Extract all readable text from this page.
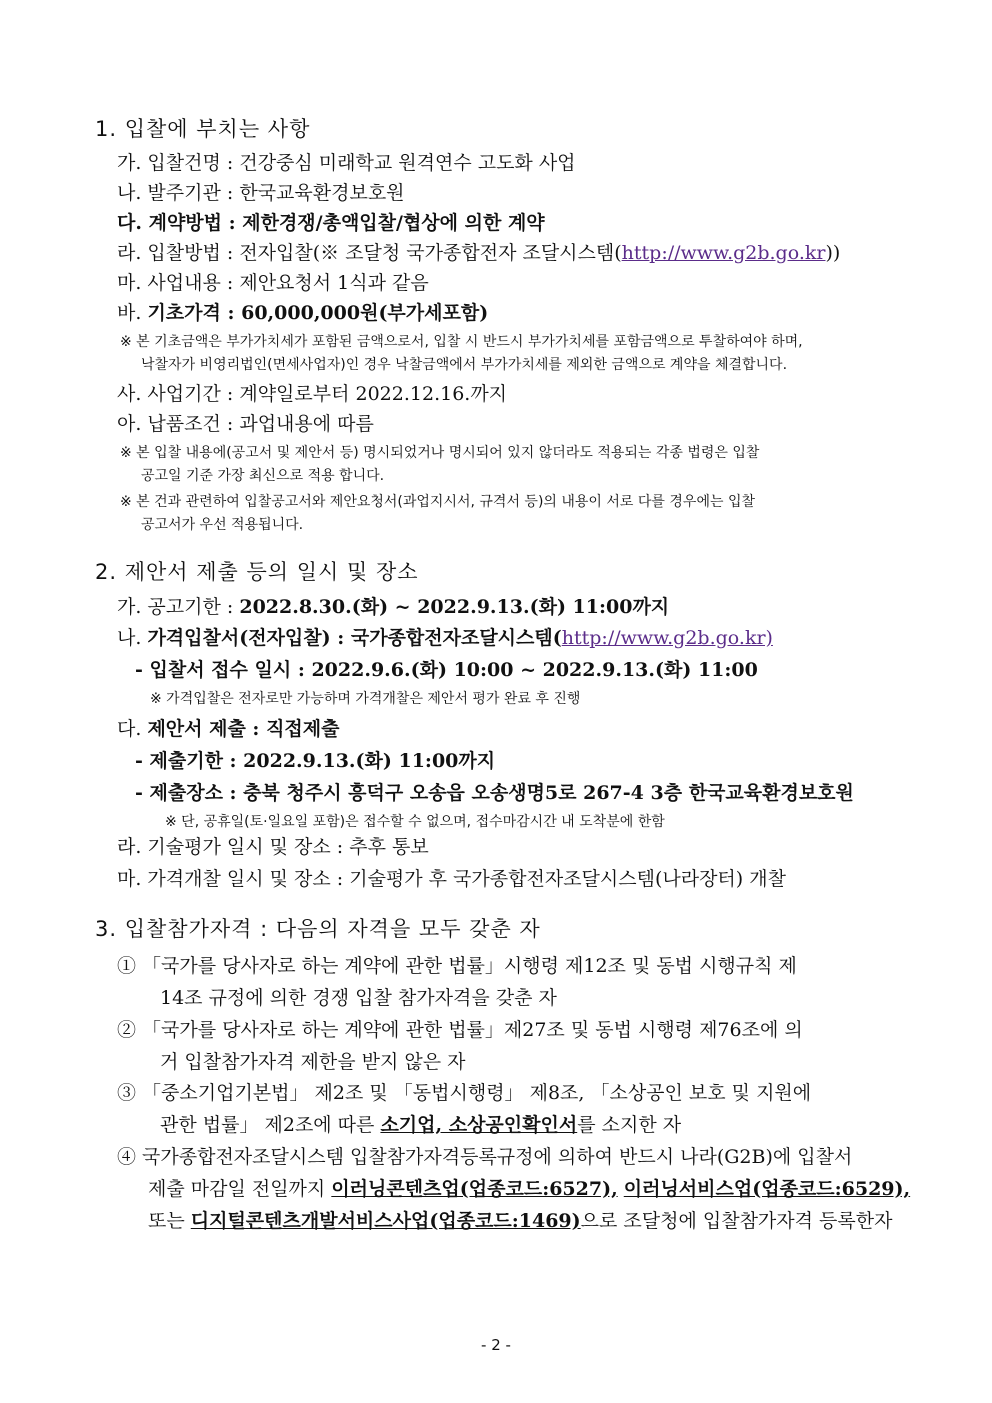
1. 입찰에 부치는 사항
가. 입찰건명 : 건강중심 미래학교 원격연수 고도화 사업
나. 발주기관 : 한국교육환경보호원
다. 계약방법 : 제한경쟁/총액입찰/협상에 의한 계약
라. 입찰방법 : 전자입찰(※ 조달청 국가종합전자 조달시스템(http://www.g2b.go.kr))
마. 사업내용 : 제안요청서 1식과 같음
바. 기초가격 : 60,000,000원(부가세포함)
※ 본 기초금액은 부가가치세가 포함된 금액으로서, 입찰 시 반드시 부가가치세를 포함금액으로 투찰하여야 하며,
낙찰자가 비영리법인(면세사업자)인 경우 낙찰금액에서 부가가치세를 제외한 금액으로 계약을 체결합니다.
사. 사업기간 : 계약일로부터 2022.12.16.까지
아. 납품조건 : 과업내용에 따름
※ 본 입찰 내용에(공고서 및 제안서 등) 명시되었거나 명시되어 있지 않더라도 적용되는 각종 법령은 입찰
공고일 기준 가장 최신으로 적용 합니다.
※ 본 건과 관련하여 입찰공고서와 제안요청서(과업지시서, 규격서 등)의 내용이 서로 다를 경우에는 입찰
공고서가 우선 적용됩니다.
2. 제안서 제출 등의 일시 및 장소
가. 공고기한 : 2022.8.30.(화) ~ 2022.9.13.(화) 11:00까지
나. 가격입찰서(전자입찰) : 국가종합전자조달시스템(http://www.g2b.go.kr)
- 입찰서 접수 일시 : 2022.9.6.(화) 10:00 ~ 2022.9.13.(화) 11:00
※ 가격입찰은 전자로만 가능하며 가격개찰은 제안서 평가 완료 후 진행
다. 제안서 제출 : 직접제출
- 제출기한 : 2022.9.13.(화) 11:00까지
- 제출장소 : 충북 청주시 흥덕구 오송읍 오송생명5로 267-4 3층 한국교육환경보호원
※ 단, 공휴일(토·일요일 포함)은 접수할 수 없으며, 접수마감시간 내 도착분에 한함
라. 기술평가 일시 및 장소 : 추후 통보
마. 가격개찰 일시 및 장소 : 기술평가 후 국가종합전자조달시스템(나라장터) 개찰
3. 입찰참가자격 : 다음의 자격을 모두 갖춘 자
① 「국가를 당사자로 하는 계약에 관한 법률」시행령 제12조 및 동법 시행규칙 제
14조 규정에 의한 경쟁 입찰 참가자격을 갖춘 자
② 「국가를 당사자로 하는 계약에 관한 법률」제27조 및 동법 시행령 제76조에 의
거 입찰참가자격 제한을 받지 않은 자
③ 「중소기업기본법」 제2조 및 「동법시행령」 제8조, 「소상공인 보호 및 지원에
관한 법률」 제2조에 따른 소기업, 소상공인확인서를 소지한 자
④ 국가종합전자조달시스템 입찰참가자격등록규정에 의하여 반드시 나라(G2B)에 입찰서
제출 마감일 전일까지 이러닝콘텐츠업(업종코드:6527), 이러닝서비스업(업종코드:6529),
또는 디지털콘텐츠개발서비스사업(업종코드:1469)으로 조달청에 입찰참가자격 등록한자
- 2 -
